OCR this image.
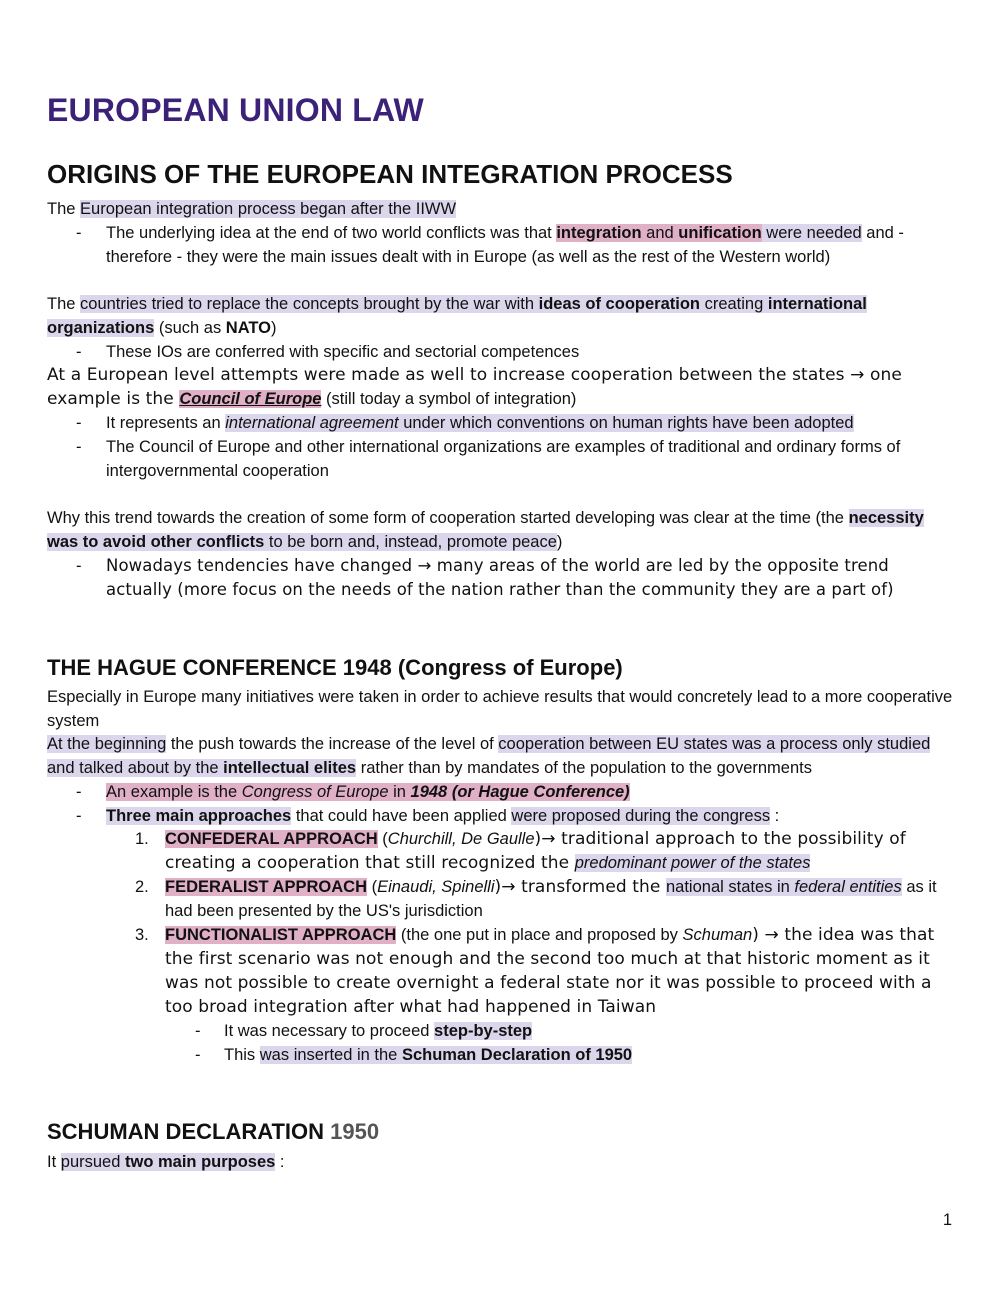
EUROPEAN UNION LAW
ORIGINS OF THE EUROPEAN INTEGRATION PROCESS

The European integration process began after the IIWW

- The underlying idea at the end of two world conflicts was that integration and unification were needed and - therefore - they were the main issues dealt with in Europe (as well as the rest of the Western world)

The countries tried to replace the concepts brought by the war with ideas of cooperation creating international organizations (such as NATO)

- These IOs are conferred with specific and sectorial competences

At a European level attempts were made as well to increase cooperation between the states → one example is the Council of Europe (still today a symbol of integration)

- It represents an international agreement under which conventions on human rights have been adopted

- The Council of Europe and other international organizations are examples of traditional and ordinary forms of intergovernmental cooperation

Why this trend towards the creation of some form of cooperation started developing was clear at the time (the necessity was to avoid other conflicts to be born and, instead, promote peace)

- Nowadays tendencies have changed → many areas of the world are led by the opposite trend actually (more focus on the needs of the nation rather than the community they are a part of)

THE HAGUE CONFERENCE 1948 (Congress of Europe)

Especially in Europe many initiatives were taken in order to achieve results that would concretely lead to a more cooperative system

At the beginning the push towards the increase of the level of cooperation between EU states was a process only studied and talked about by the intellectual elites rather than by mandates of the population to the governments

- An example is the Congress of Europe in 1948 (or Hague Conference)

- Three main approaches that could have been applied were proposed during the congress :

1. CONFEDERAL APPROACH (Churchill, De Gaulle)→ traditional approach to the possibility of creating a cooperation that still recognized the predominant power of the states

2. FEDERALIST APPROACH (Einaudi, Spinelli)→ transformed the national states in federal entities as it had been presented by the US's jurisdiction

3. FUNCTIONALIST APPROACH (the one put in place and proposed by Schuman) → the idea was that the first scenario was not enough and the second too much at that historic moment as it was not possible to create overnight a federal state nor it was possible to proceed with a too broad integration after what had happened in Taiwan

- It was necessary to proceed step-by-step

- This was inserted in the Schuman Declaration of 1950

SCHUMAN DECLARATION 1950

It pursued two main purposes :

1
